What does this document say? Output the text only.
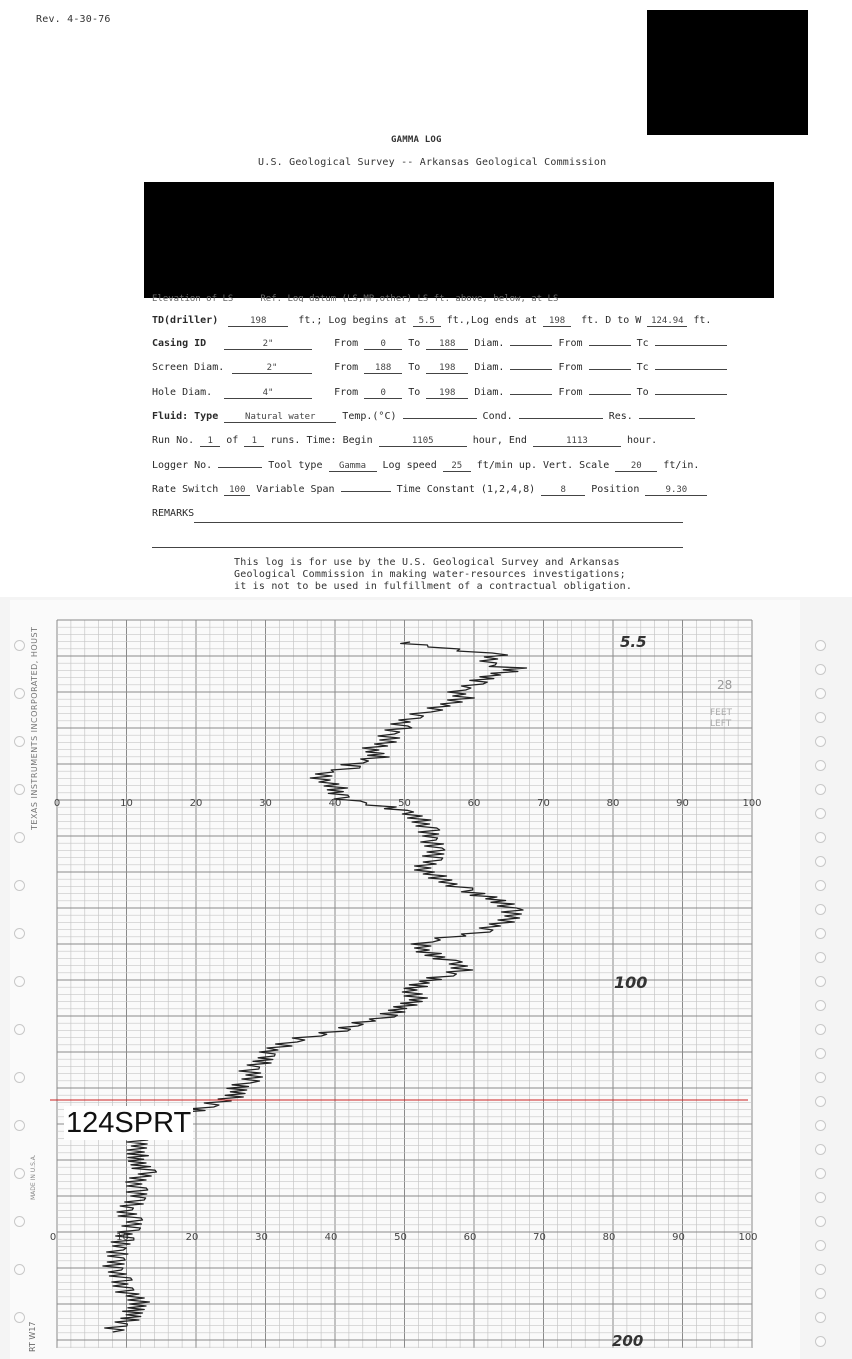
Rev. 4-30-76
GAMMA LOG
U.S. Geological Survey -- Arkansas Geological Commission
Elevation of LS ___ Ref. Log datum (LS,MP,other) LS ft. above, below, at LS
TD(driller)	198	ft.; Log begins at 5.5 ft.,Log ends at 198 ft. D to W 124.94 ft.
Casing ID	2"	From 0 To 188 Diam.	From	Tc
Screen Diam.	2"	From 188 To 198 Diam.	From	Tc
Hole Diam.	4"	From 0 To 198 Diam.	From	To
Fluid: Type	Natural water	Temp.(°C)	Cond.	Res.
Run No. 1 of 1 runs. Time: Begin	1105	hour, End	1113	hour.
Logger No.	Tool type Gamma Log speed 25 ft/min up. Vert. Scale 20 ft/in.
Rate Switch 100 Variable Span	Time Constant (1,2,4,8)	8	Position	9.30
REMARKS
This log is for use by the U.S. Geological Survey and Arkansas
Geological Commission in making water-resources investigations;
it is not to be used in fulfillment of a contractual obligation.
0	10	20	30	40	50	60	70	80	90	100
0	10	20	30	40	50	60	70	80	90	100
5.5
100
200
28
FEET
LEFT
TEXAS INSTRUMENTS INCORPORATED, HOUST
MADE IN U.S.A.
RT W17
124SPRT
